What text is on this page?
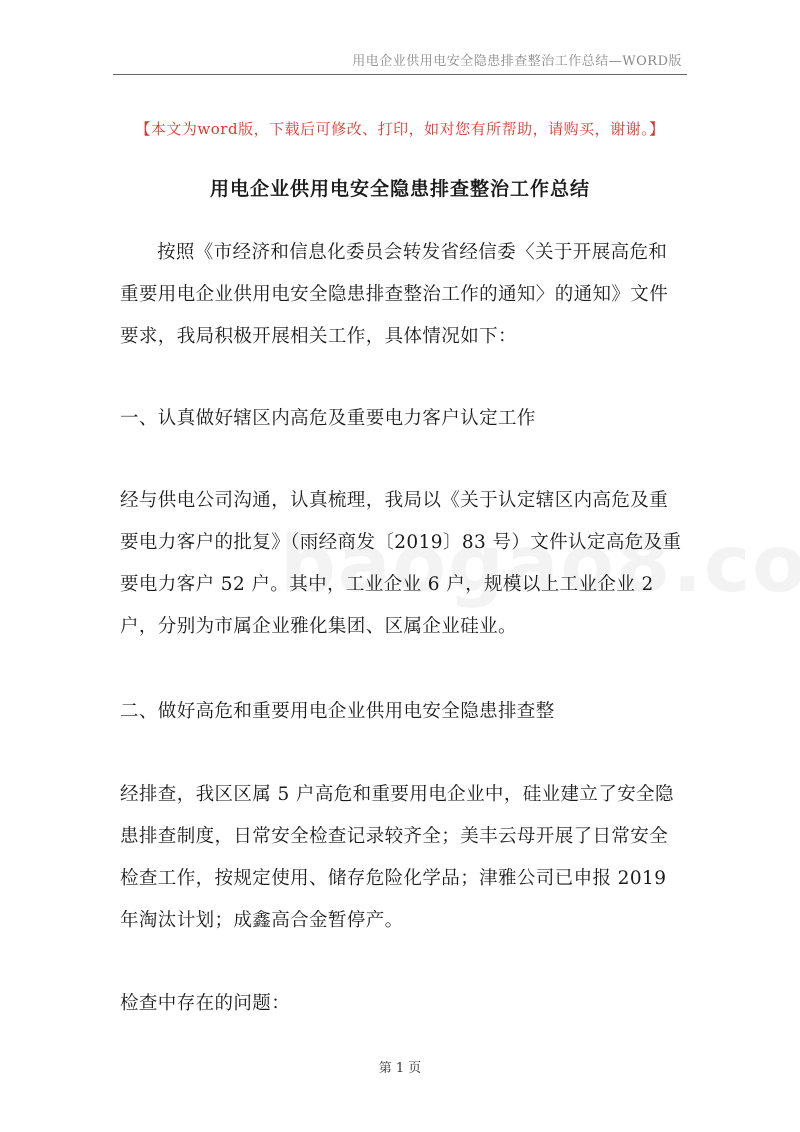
用电企业供用电安全隐患排查整治工作总结—WORD版
【本文为word版，下载后可修改、打印，如对您有所帮助，请购买，谢谢。】
用电企业供用电安全隐患排查整治工作总结

按照《市经济和信息化委员会转发省经信委〈关于开展高危和重要用电企业供用电安全隐患排查整治工作的通知〉的通知》文件要求，我局积极开展相关工作，具体情况如下：

一、认真做好辖区内高危及重要电力客户认定工作

经与供电公司沟通，认真梳理，我局以《关于认定辖区内高危及重要电力客户的批复》（雨经商发〔2019〕83 号）文件认定高危及重要电力客户 52 户。其中，工业企业 6 户，规模以上工业企业 2 户，分别为市属企业雅化集团、区属企业硅业。

二、做好高危和重要用电企业供用电安全隐患排查整

经排查，我区区属 5 户高危和重要用电企业中，硅业建立了安全隐患排查制度，日常安全检查记录较齐全；美丰云母开展了日常安全检查工作，按规定使用、储存危险化学品；津雅公司已申报 2019 年淘汰计划；成鑫高合金暂停产。

检查中存在的问题：

第 1 页
